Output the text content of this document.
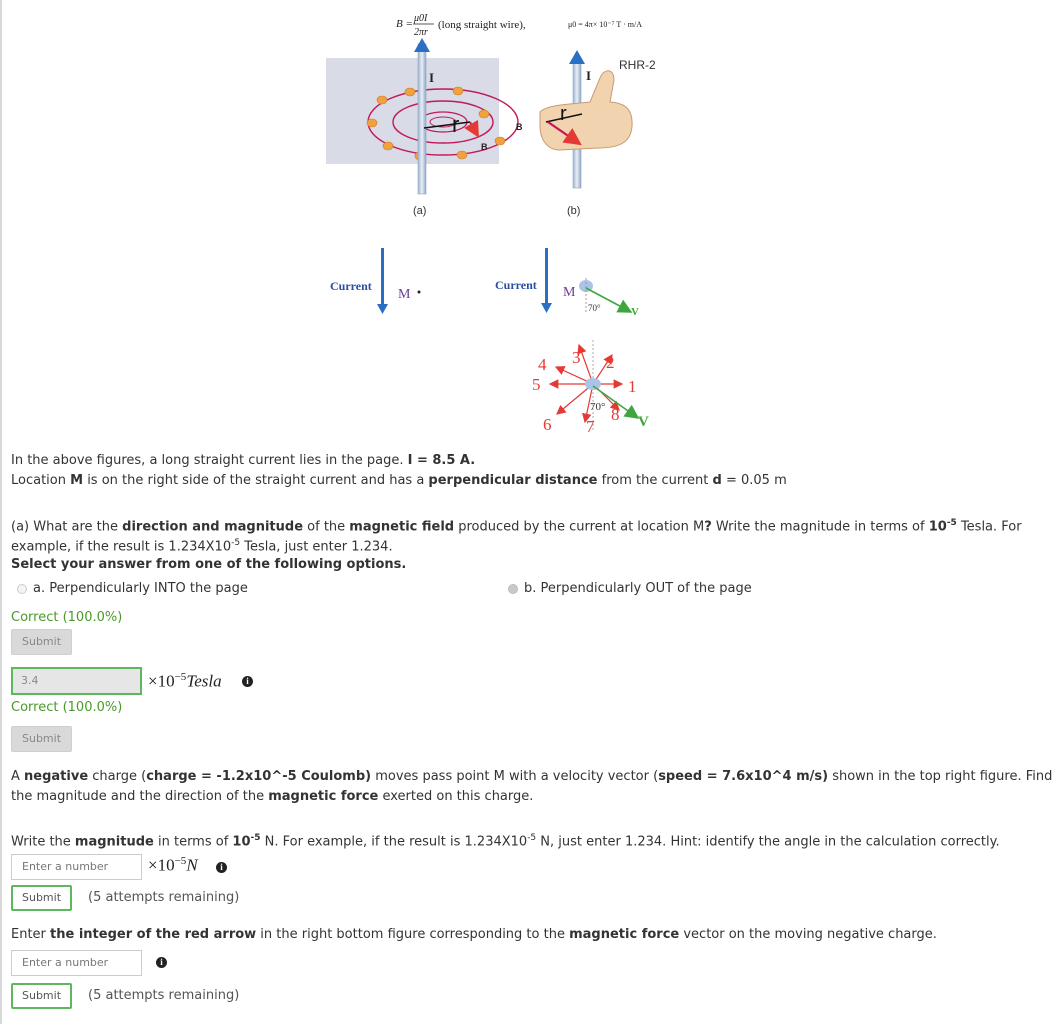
B = μ0I
2πr
(long straight wire),	μ0 = 4π× 10⁻⁷ T · m/A
I
r
B
(a)
RHR-2
I
r
B
(b)
Current
M
Current M
70°	V
1
2
3
4
5
6 7
8
70°
V
In the above figures, a long straight current lies in the page. I = 8.5 A.
Location M is on the right side of the straight current and has a perpendicular distance from the current d = 0.05 m
(a) What are the direction and magnitude of the magnetic field produced by the current at location M? Write the magnitude in terms of $10^{-5}$ Tesla. For
example, if the result is $1.234X10^{-5}$ Tesla, just enter 1.234.
Select your answer from one of the following options.
a. Perpendicularly INTO the page	b. Perpendicularly OUT of the page
Correct (100.0%)
Submit
3.4	$\times 10^{-5}Tesla$	i
Correct (100.0%)
Submit
A negative charge (charge = -1.2x10^-5 Coulomb) moves pass point M with a velocity vector (speed = 7.6x10^4 m/s) shown in the top right figure. Find
the magnitude and the direction of the magnetic force exerted on this charge.
Write the magnitude in terms of $10^{-5}$ N. For example, if the result is $1.234X10^{-5}$ N, just enter 1.234. Hint: identify the angle in the calculation correctly.
Enter a number	$\times 10^{-5}N$	i
Submit	(5 attempts remaining)
Enter the integer of the red arrow in the right bottom figure corresponding to the magnetic force vector on the moving negative charge.
Enter a number	i
Submit	(5 attempts remaining)
